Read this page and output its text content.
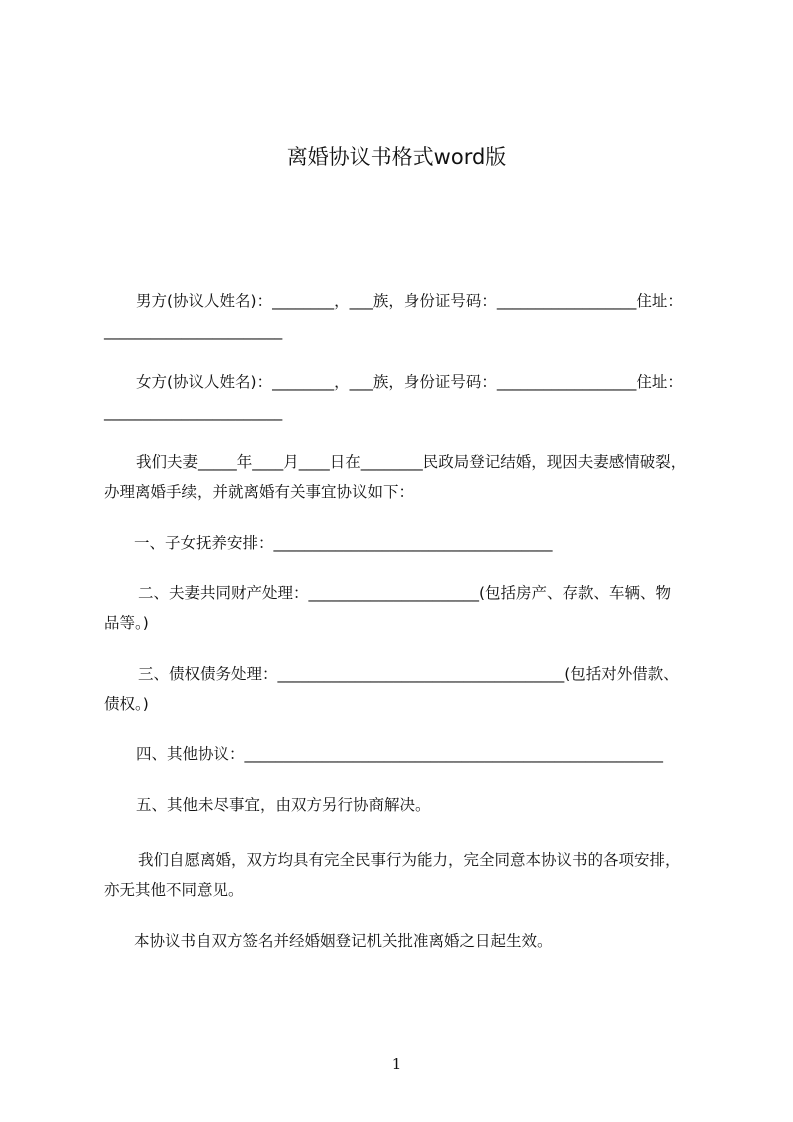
离婚协议书格式word版
男方(协议人姓名)：________，___族，身份证号码：__________________住址：
_______________________
女方(协议人姓名)：________，___族，身份证号码：__________________住址：
_______________________
我们夫妻_____年____月____日在________民政局登记结婚，现因夫妻感情破裂，
办理离婚手续，并就离婚有关事宜协议如下：
一、子女抚养安排：____________________________________
二、夫妻共同财产处理：______________________(包括房产、存款、车辆、物
品等。)
三、债权债务处理：_____________________________________(包括对外借款、
债权。)
四、其他协议：______________________________________________________
五、其他未尽事宜，由双方另行协商解决。
我们自愿离婚，双方均具有完全民事行为能力，完全同意本协议书的各项安排，
亦无其他不同意见。
本协议书自双方签名并经婚姻登记机关批准离婚之日起生效。
1
